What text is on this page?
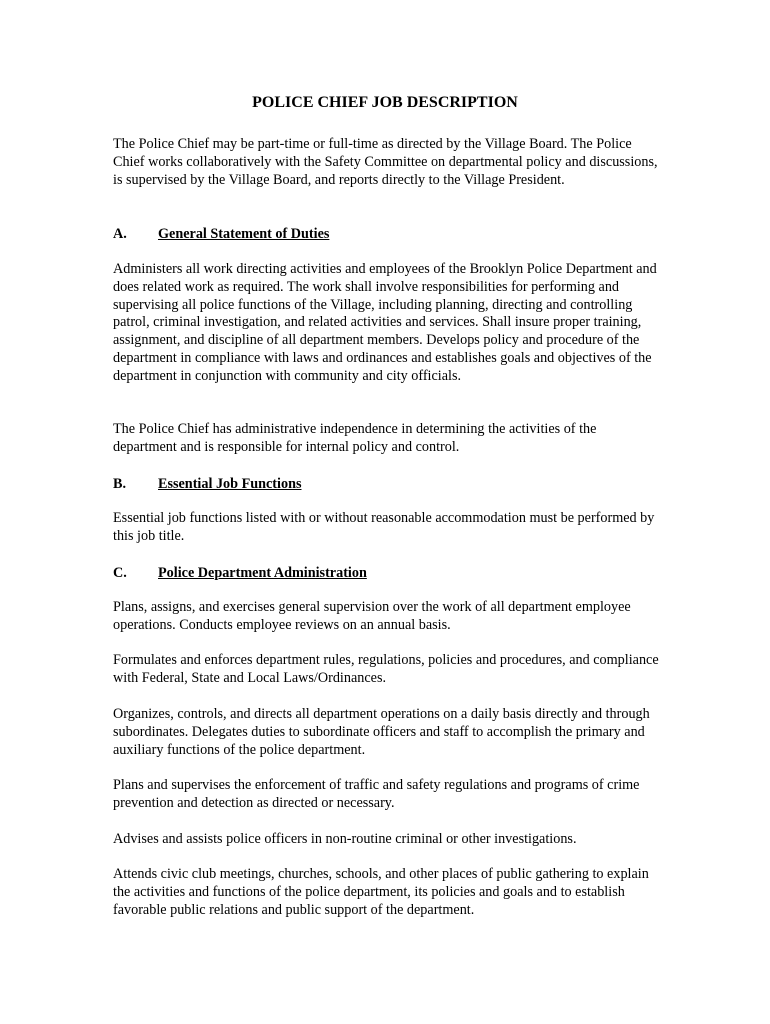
POLICE CHIEF JOB DESCRIPTION

The Police Chief may be part-time or full-time as directed by the Village Board. The Police Chief works collaboratively with the Safety Committee on departmental policy and discussions, is supervised by the Village Board, and reports directly to the Village President.

A. General Statement of Duties

Administers all work directing activities and employees of the Brooklyn Police Department and does related work as required. The work shall involve responsibilities for performing and supervising all police functions of the Village, including planning, directing and controlling patrol, criminal investigation, and related activities and services. Shall insure proper training, assignment, and discipline of all department members. Develops policy and procedure of the department in compliance with laws and ordinances and establishes goals and objectives of the department in conjunction with community and city officials.

The Police Chief has administrative independence in determining the activities of the department and is responsible for internal policy and control.

B. Essential Job Functions

Essential job functions listed with or without reasonable accommodation must be performed by this job title.

C. Police Department Administration

Plans, assigns, and exercises general supervision over the work of all department employee operations. Conducts employee reviews on an annual basis.

Formulates and enforces department rules, regulations, policies and procedures, and compliance with Federal, State and Local Laws/Ordinances.

Organizes, controls, and directs all department operations on a daily basis directly and through subordinates. Delegates duties to subordinate officers and staff to accomplish the primary and auxiliary functions of the police department.

Plans and supervises the enforcement of traffic and safety regulations and programs of crime prevention and detection as directed or necessary.

Advises and assists police officers in non-routine criminal or other investigations.

Attends civic club meetings, churches, schools, and other places of public gathering to explain the activities and functions of the police department, its policies and goals and to establish favorable public relations and public support of the department.
